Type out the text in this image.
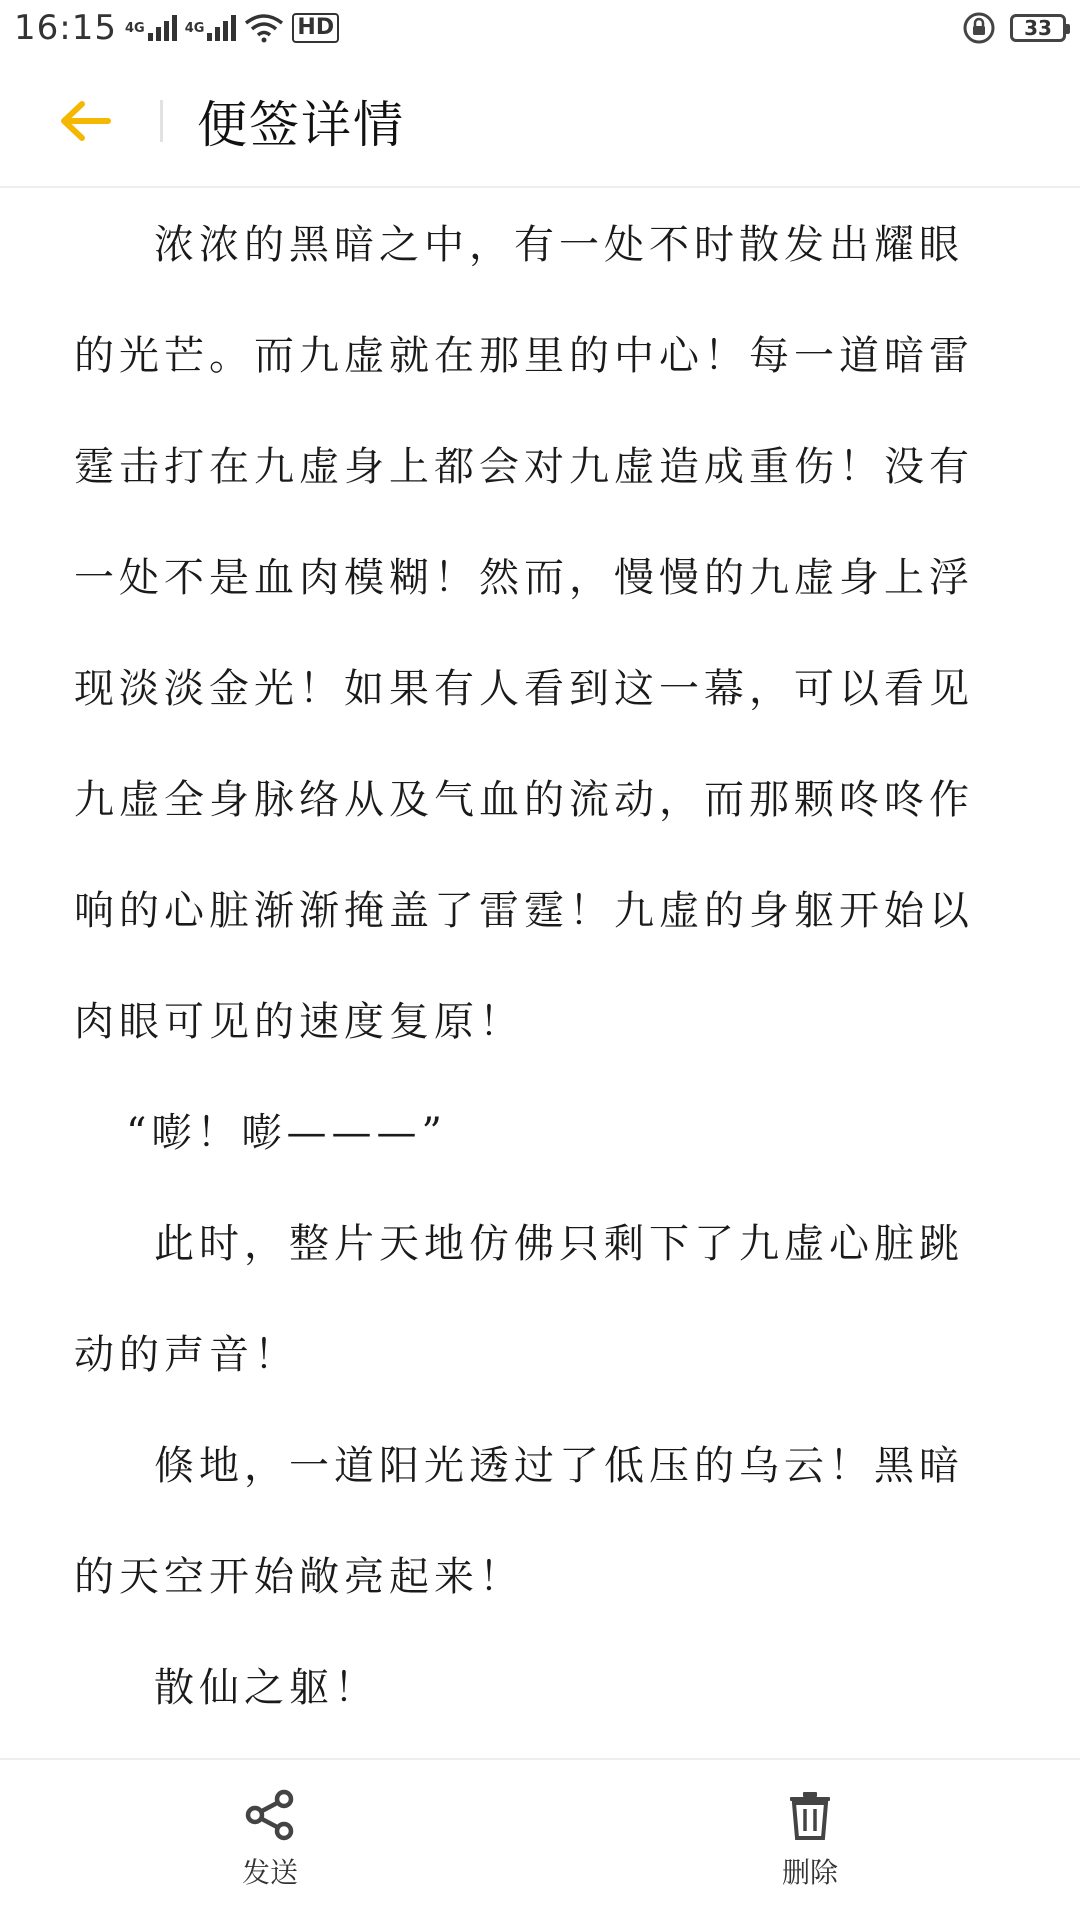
16:15 4G	4G	HD	33
便签详情

浓浓的黑暗之中，有一处不时散发出耀眼的光芒。而九虚就在那里的中心！每一道暗雷霆击打在九虚身上都会对九虚造成重伤！没有一处不是血肉模糊！然而，慢慢的九虚身上浮现淡淡金光！如果有人看到这一幕，可以看见九虚全身脉络从及气血的流动，而那颗咚咚作响的心脏渐渐掩盖了雷霆！九虚的身躯开始以肉眼可见的速度复原！

“嘭！嘭———”

此时，整片天地仿佛只剩下了九虚心脏跳动的声音！

倏地，一道阳光透过了低压的乌云！黑暗的天空开始敞亮起来！

散仙之躯！

发送	删除
